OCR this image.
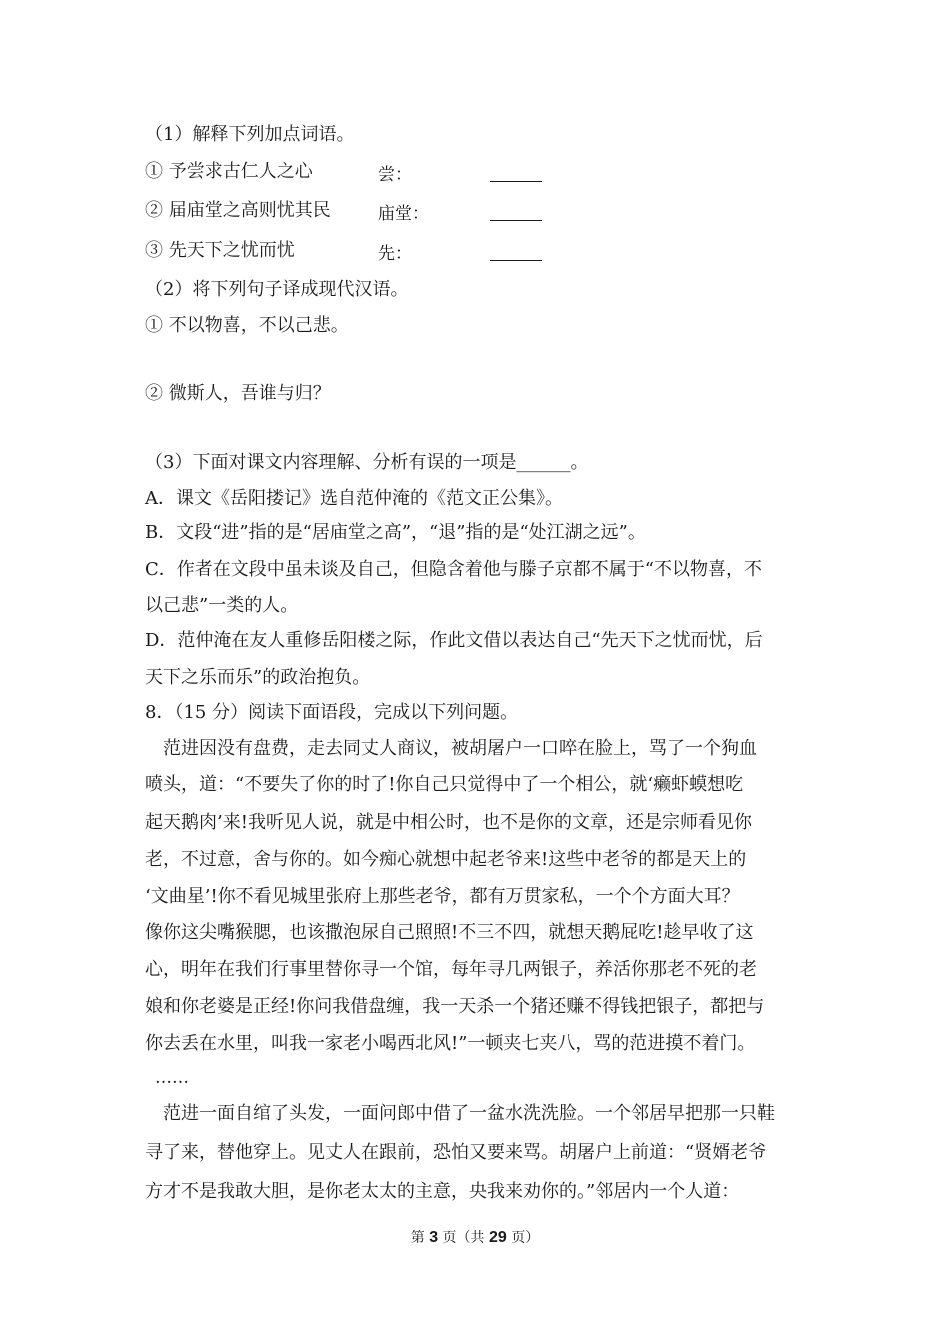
（1）解释下列加点词语。
① 予尝求古仁人之心	尝：
② 届庙堂之高则忧其民	庙堂：
③ 先天下之忧而忧	先：
（2）将下列句子译成现代汉语。
① 不以物喜，不以己悲。
② 微斯人，吾谁与归？
（3）下面对课文内容理解、分析有误的一项是______。
A．课文《岳阳搂记》选自范仲淹的《范文正公集》。
B．文段“进”指的是“居庙堂之高”，“退”指的是“处江湖之远”。
C．作者在文段中虽未谈及自己，但隐含着他与滕子京都不属于“不以物喜，不
以己悲”一类的人。
D．范仲淹在友人重修岳阳楼之际，作此文借以表达自己“先天下之忧而忧，后
天下之乐而乐”的政治抱负。
8．（15 分）阅读下面语段，完成以下列问题。
范进因没有盘费，走去同丈人商议，被胡屠户一口啐在脸上，骂了一个狗血
喷头，道：“不要失了你的时了!你自己只觉得中了一个相公，就‘癞虾蟆想吃
起天鹅肉’来!我听见人说，就是中相公时，也不是你的文章，还是宗师看见你
老，不过意，舍与你的。如今痴心就想中起老爷来!这些中老爷的都是天上的
‘文曲星’!你不看见城里张府上那些老爷，都有万贯家私，一个个方面大耳？
像你这尖嘴猴腮，也该撒泡尿自己照照!不三不四，就想天鹅屁吃!趁早收了这
心，明年在我们行事里替你寻一个馆，每年寻几两银子，养活你那老不死的老
娘和你老婆是正经!你问我借盘缠，我一天杀一个猪还赚不得钱把银子，都把与
你去丢在水里，叫我一家老小喝西北风!”一顿夹七夹八，骂的范进摸不着门。
……
范进一面自绾了头发，一面问郎中借了一盆水洗洗脸。一个邻居早把那一只鞋
寻了来，替他穿上。见丈人在跟前，恐怕又要来骂。胡屠户上前道：“贤婿老爷
方才不是我敢大胆，是你老太太的主意，央我来劝你的。”邻居内一个人道：
第 3 页（共 29 页）
